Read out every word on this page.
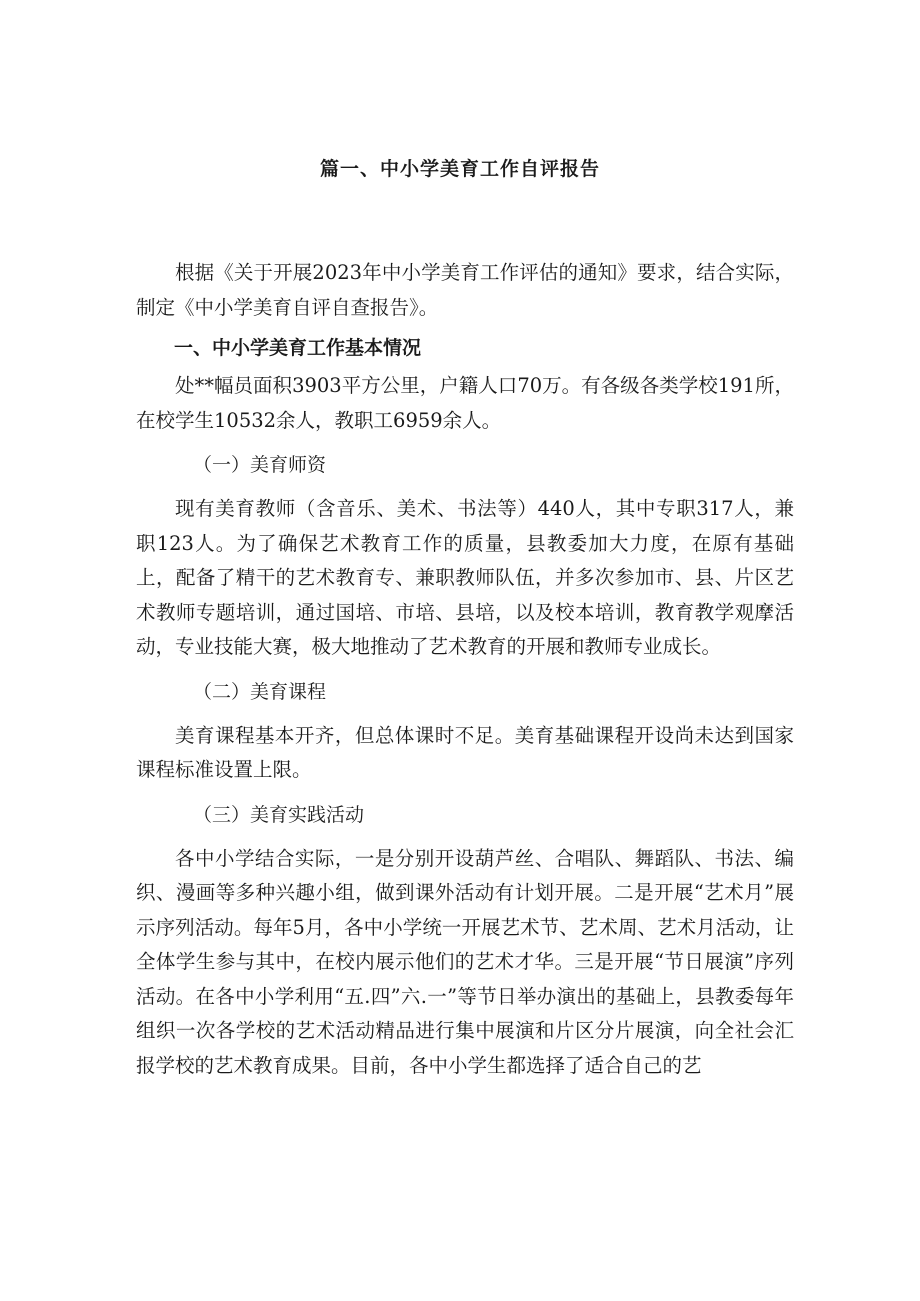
篇一、中小学美育工作自评报告

根据《关于开展2023年中小学美育工作评估的通知》要求，结合实际，制定《中小学美育自评自查报告》。

一、中小学美育工作基本情况

处**幅员面积3903平方公里，户籍人口70万。有各级各类学校191所，在校学生10532余人，教职工6959余人。

（一）美育师资

现有美育教师（含音乐、美术、书法等）440人，其中专职317人，兼职123人。为了确保艺术教育工作的质量，县教委加大力度，在原有基础上，配备了精干的艺术教育专、兼职教师队伍，并多次参加市、县、片区艺术教师专题培训，通过国培、市培、县培，以及校本培训，教育教学观摩活动，专业技能大赛，极大地推动了艺术教育的开展和教师专业成长。

（二）美育课程

美育课程基本开齐，但总体课时不足。美育基础课程开设尚未达到国家课程标准设置上限。

（三）美育实践活动

各中小学结合实际，一是分别开设葫芦丝、合唱队、舞蹈队、书法、编织、漫画等多种兴趣小组，做到课外活动有计划开展。二是开展“艺术月”展示序列活动。每年5月，各中小学统一开展艺术节、艺术周、艺术月活动，让全体学生参与其中，在校内展示他们的艺术才华。三是开展“节日展演”序列活动。在各中小学利用“五.四”六.一”等节日举办演出的基础上，县教委每年组织一次各学校的艺术活动精品进行集中展演和片区分片展演，向全社会汇报学校的艺术教育成果。目前，各中小学生都选择了适合自己的艺
